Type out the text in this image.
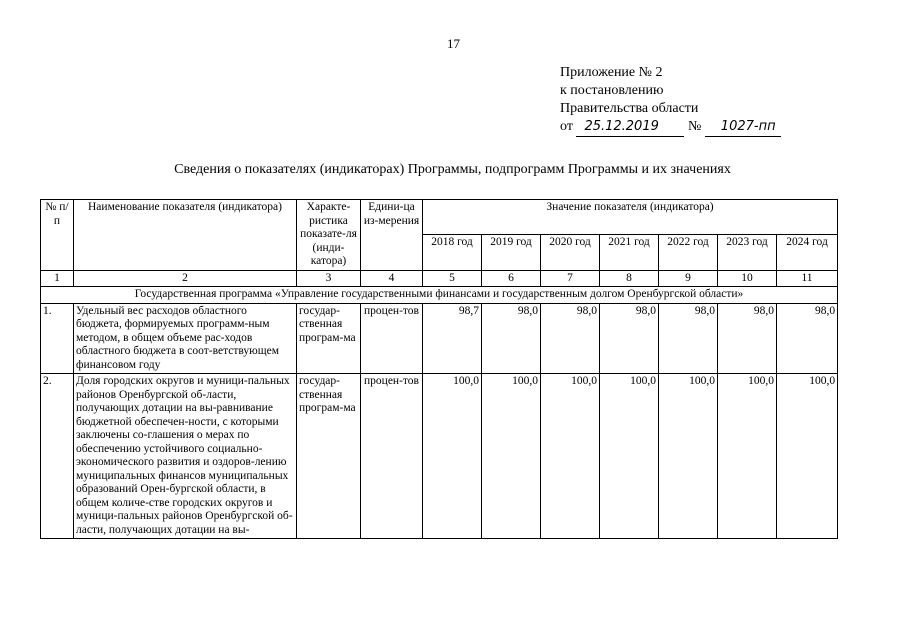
17
Приложение № 2
к постановлению
Правительства области
от 25.12.2019 № 1027-пп
Сведения о показателях (индикаторах) Программы, подпрограмм Программы и их значениях
№ п/п	Наименование показателя (индикатора)	Характе-ристика показате-ля (инди-катора)	Едини-ца из-мерения	Значение показателя (индикатора)						
				2018 год	2019 год	2020 год	2021 год	2022 год	2023 год	2024 год
1	2	3	4	5	6	7	8	9	10	11
Государственная программа «Управление государственными финансами и государственным долгом Оренбургской области»										
1.	Удельный вес расходов областного бюджета, формируемых программ-ным методом, в общем объеме рас-ходов областного бюджета в соот-ветствующем финансовом году	государ-ственная програм-ма	процен-тов	98,7	98,0	98,0	98,0	98,0	98,0	98,0
2.	Доля городских округов и муници-пальных районов Оренбургской об-ласти, получающих дотации на вы-равнивание бюджетной обеспечен-ности, с которыми заключены со-глашения о мерах по обеспечению устойчивого социально-экономического развития и оздоров-лению муниципальных финансов муниципальных образований Орен-бургской области, в общем количе-стве городских округов и муници-пальных районов Оренбургской об-ласти, получающих дотации на вы-	государ-ственная програм-ма	процен-тов	100,0	100,0	100,0	100,0	100,0	100,0	100,0
